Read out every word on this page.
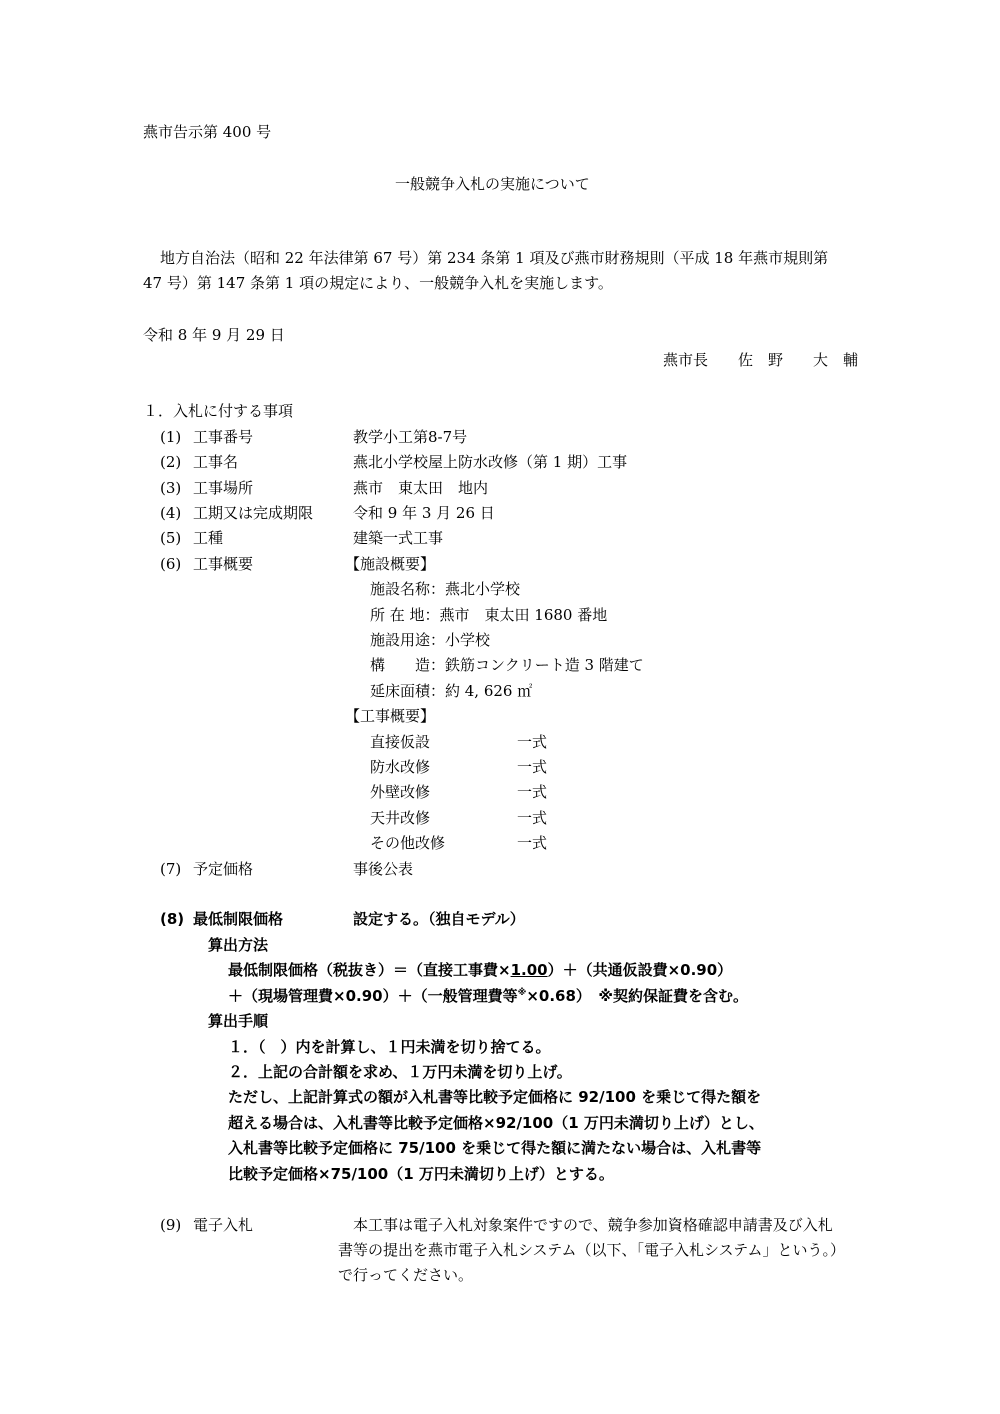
燕市告示第 400 号
一般競争入札の実施について
地方自治法（昭和 22 年法律第 67 号）第 234 条第 1 項及び燕市財務規則（平成 18 年燕市規則第
47 号）第 147 条第 1 項の規定により、一般競争入札を実施します。
令和 8 年 9 月 29 日
燕市長　　佐　野　　大　輔
１．入札に付する事項
(1) 工事番号	教学小工第8-7号
(2) 工事名	燕北小学校屋上防水改修（第 1 期）工事
(3) 工事場所	燕市　東太田　地内
(4) 工期又は完成期限	令和 9 年 3 月 26 日
(5) 工種	建築一式工事
(6) 工事概要	【施設概要】
施設名称：燕北小学校
所 在 地：燕市　東太田 1680 番地
施設用途：小学校
構　　造：鉄筋コンクリート造 3 階建て
延床面積：約 4, 626 ㎡
【工事概要】
直接仮設	一式
防水改修	一式
外壁改修	一式
天井改修	一式
その他改修	一式
(7) 予定価格	事後公表
(8) 最低制限価格	設定する。（独自モデル）
算出方法
最低制限価格（税抜き）＝（直接工事費×1.00）＋（共通仮設費×0.90）
＋（現場管理費×0.90）＋（一般管理費等※×0.68）　※契約保証費を含む。
算出手順
１．（　）内を計算し、１円未満を切り捨てる。
２．上記の合計額を求め、１万円未満を切り上げ。
ただし、上記計算式の額が入札書等比較予定価格に 92/100 を乗じて得た額を
超える場合は、入札書等比較予定価格×92/100（1 万円未満切り上げ）とし、
入札書等比較予定価格に 75/100 を乗じて得た額に満たない場合は、入札書等
比較予定価格×75/100（1 万円未満切り上げ）とする。
(9) 電子入札	本工事は電子入札対象案件ですので、競争参加資格確認申請書及び入札
書等の提出を燕市電子入札システム（以下、「電子入札システム」という。）
で行ってください。
